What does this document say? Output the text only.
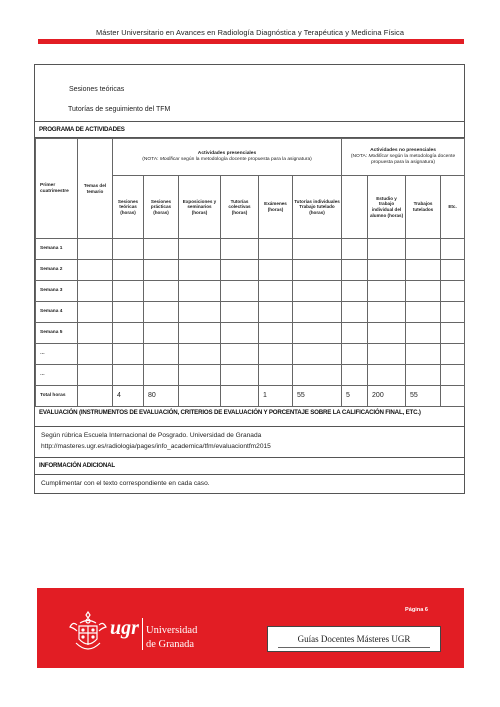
Máster Universitario en Avances en Radiología Diagnóstica y Terapéutica y Medicina Física
Sesiones teóricas
Tutorías de seguimiento del TFM
PROGRAMA DE ACTIVIDADES
Primer cuatrimestre	Temas del temario	Actividades presenciales
(NOTA: Modificar según la metodología docente propuesta para la asignatura)						Actividades no presenciales
(NOTA: Modificar según la metodología docente propuesta para la asignatura)			
		Sesiones teóricas (horas)	Sesiones prácticas (horas)	Exposiciones y seminarios (horas)	Tutorías colectivas (horas)	Exámenes (horas)	Tutorías individuales Trabajo tutelado (horas)		Estudio y trabajo individual del alumno (horas)	Trabajos tutelados	Etc.
Semana 1											
Semana 2											
Semana 3											
Semana 4											
Semana 5											
…											
…											
Total horas		4	80			1	55	5	200	55	
EVALUACIÓN (INSTRUMENTOS DE EVALUACIÓN, CRITERIOS DE EVALUACIÓN Y PORCENTAJE SOBRE LA CALIFICACIÓN FINAL, ETC.)
Según rúbrica Escuela Internacional de Posgrado. Universidad de Granada
http://masteres.ugr.es/radiologia/pages/info_academica/tfm/evaluaciontfm2015
INFORMACIÓN ADICIONAL
Cumplimentar con el texto correspondiente en cada caso.
Página 6
ugr Universidad
de Granada	Guías Docentes Másteres UGR
